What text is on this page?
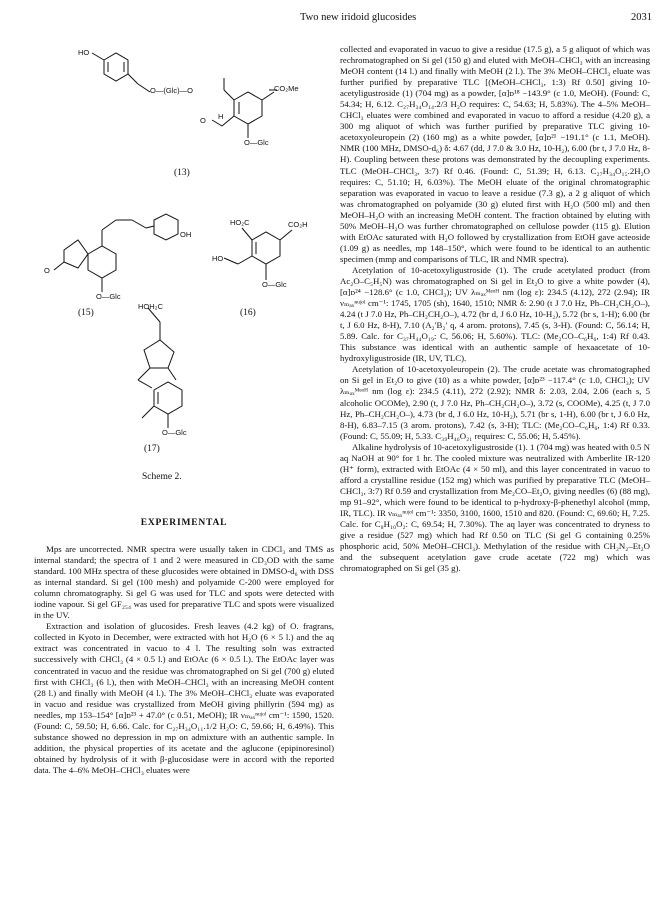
Two new iridoid glucosides	2031
HO
O—(Glc)—O	CO₂Me
H
O
O—Glc
(13)
O
OH
O—Glc
(15)
HO₂C	CO₂H
HO
O—Glc
(16)
HOH₂C
O—Glc
(17)
Scheme 2.
EXPERIMENTAL

Mps are uncorrected. NMR spectra were usually taken in CDCl₃ and TMS as internal standard; the spectra of 1 and 2 were measured in CD₃OD with the same standard. 100 MHz spectra of these glucosides were obtained in DMSO-d₆ with DSS as internal standard. Si gel (100 mesh) and polyamide C-200 were employed for column chromatography. Si gel G was used for TLC and spots were detected with iodine vapour. Si gel GF₂₅₄ was used for preparative TLC and spots were visualized in the UV.

Extraction and isolation of glucosides. Fresh leaves (4.2 kg) of O. fragrans, collected in Kyoto in December, were extracted with hot H₂O (6 × 5 l.) and the aq extract was concentrated in vacuo to 4 l. The resulting soln was extracted successively with CHCl₃ (4 × 0.5 l.) and EtOAc (6 × 0.5 l.). The EtOAc layer was concentrated in vacuo and the residue was chromatographed on Si gel (700 g) eluted first with CHCl₃ (6 l.), then with MeOH–CHCl₃ with an increasing MeOH content (28 l.) and finally with MeOH (4 l.). The 3% MeOH–CHCl₃ eluate was evaporated in vacuo and residue was crystallized from MeOH giving phillyrin (594 mg) as needles, mp 153–154° [α]ᴅ²³ + 47.0° (c 0.51, MeOH); IR νₘₐₓⁿᵘʲᵒˡ cm⁻¹: 1590, 1520. (Found: C, 59.50; H, 6.66. Calc. for C₂₇H₃₄O₁₁.1/2 H₂O: C, 59.66; H, 6.49%). This substance showed no depression in mp on admixture with an authentic sample. In addition, the physical properties of its acetate and the aglucone (epipinoresinol) obtained by hydrolysis of it with β-glucosidase were in accord with the reported data. The 4–6% MeOH–CHCl₃ eluates were

collected and evaporated in vacuo to give a residue (17.5 g), a 5 g aliquot of which was rechromatographed on Si gel (150 g) and eluted with MeOH–CHCl₃ with an increasing MeOH content (14 l.) and finally with MeOH (2 l.). The 3% MeOH–CHCl₃ eluate was further purified by preparative TLC [(MeOH–CHCl₃, 1:3) Rf 0.50] giving 10-acetyligustroside (1) (704 mg) as a powder, [α]ᴅ¹⁸ −143.9° (c 1.0, MeOH). (Found: C, 54.34; H, 6.12. C₂₇H₃₄O₁₄.2/3 H₂O requires: C, 54.63; H, 5.83%). The 4–5% MeOH–CHCl₃ eluates were combined and evaporated in vacuo to afford a residue (4.20 g), a 300 mg aliquot of which was further purified by preparative TLC giving 10-acetoxyoleuropein (2) (160 mg) as a white powder, [α]ᴅ²¹ −191.1° (c 1.1, MeOH). NMR (100 MHz, DMSO-d₆) δ: 4.67 (dd, J 7.0 & 3.0 Hz, 10-H₂), 6.00 (br t, J 7.0 Hz, 8-H). Coupling between these protons was demonstrated by the decoupling experiments. TLC (MeOH–CHCl₃, 3:7) Rf 0.46. (Found: C, 51.39; H, 6.13. C₂₇H₃₄O₁₅.2H₂O requires: C, 51.10; H, 6.03%). The MeOH eluate of the original chromatographic separation was evaporated in vacuo to leave a residue (7.3 g), a 2 g aliquot of which was chromatographed on polyamide (30 g) eluted first with H₂O (500 ml) and then MeOH–H₂O with an increasing MeOH content. The fraction obtained by eluting with 50% MeOH–H₂O was further chromatographed on cellulose powder (115 g). Elution with EtOAc saturated with H₂O followed by crystallization from EtOH gave acteoside (1.09 g) as needles, mp 148–150°, which were found to be identical to an authentic specimen (mmp and comparisons of TLC, IR and NMR spectra).

Acetylation of 10-acetoxyligustroside (1). The crude acetylated product (from Ac₂O–C₅H₅N) was chromatographed on Si gel in Et₂O to give a white powder (4), [α]ᴅ²⁴ −128.6° (c 1.0, CHCl₃); UV λₘₐₓᴹᵉᵒᴴ nm (log ε): 234.5 (4.12), 272 (2.94); IR νₘₐₓⁿᵘʲᵒˡ cm⁻¹: 1745, 1705 (sh), 1640, 1510; NMR δ: 2.90 (t J 7.0 Hz, Ph–CH₂CH₂O–), 4.24 (t J 7.0 Hz, Ph–CH₂CH₂O–), 4.72 (br d, J 6.0 Hz, 10-H₂), 5.72 (br s, 1-H); 6.00 (br t, J 6.0 Hz, 8-H), 7.10 (A₂′B₂′ q, 4 arom. protons), 7.45 (s, 3-H). (Found: C, 56.14; H, 5.89. Calc. for C₃₇H₄₄O₁₉: C, 56.06; H, 5.60%). TLC: (Me₂CO–C₆H₆, 1:4) Rf 0.43. This substance was identical with an authentic sample of hexaacetate of 10-hydroxyligustroside (IR, UV, TLC).

Acetylation of 10-acetoxyoleuropein (2). The crude acetate was chromatographed on Si gel in Et₂O to give (10) as a white powder, [α]ᴅ²³ −117.4° (c 1.0, CHCl₃); UV λₘₐₓᴹᵉᵒᴴ nm (log ε): 234.5 (4.11), 272 (2.92); NMR δ: 2.03, 2.04, 2.06 (each s, 5 alcoholic OCOMe), 2.90 (t, J 7.0 Hz, Ph–CH₂CH₂O–), 3.72 (s, COOMe), 4.25 (t, J 7.0 Hz, Ph–CH₂CH₂O–), 4.73 (br d, J 6.0 Hz, 10-H₂), 5.71 (br s, 1-H), 6.00 (br t, J 6.0 Hz, 8-H), 6.83–7.15 (3 arom. protons), 7.42 (s, 3-H); TLC: (Me₂CO–C₆H₆, 1:4) Rf 0.33. (Found: C, 55.09; H, 5.33. C₃₉H₄₆O₂₁ requires: C, 55.06; H, 5.45%).

Alkaline hydrolysis of 10-acetoxyligustroside (1). 1 (704 mg) was heated with 0.5 N aq NaOH at 90° for 1 hr. The cooled mixture was neutralized with Amberlite IR-120 (H⁺ form), extracted with EtOAc (4 × 50 ml), and this layer concentrated in vacuo to afford a crystalline residue (152 mg) which was purified by preparative TLC (MeOH–CHCl₃, 3:7) Rf 0.59 and crystallization from Me₂CO–Et₂O, giving needles (6) (88 mg), mp 91–92°, which were found to be identical to p-hydroxy-β-phenethyl alcohol (mmp, IR, TLC). IR νₘₐₓⁿᵘʲᵒˡ cm⁻¹: 3350, 3100, 1600, 1510 and 820. (Found: C, 69.60; H, 7.25. Calc. for C₈H₁₀O₂: C, 69.54; H, 7.30%). The aq layer was concentrated to dryness to give a residue (527 mg) which had Rf 0.50 on TLC (Si gel G containing 0.25% phosphoric acid, 50% MeOH–CHCl₃). Methylation of the residue with CH₂N₂–Et₂O and the subsequent acetylation gave crude acetate (722 mg) which was chromatographed on Si gel (35 g).
